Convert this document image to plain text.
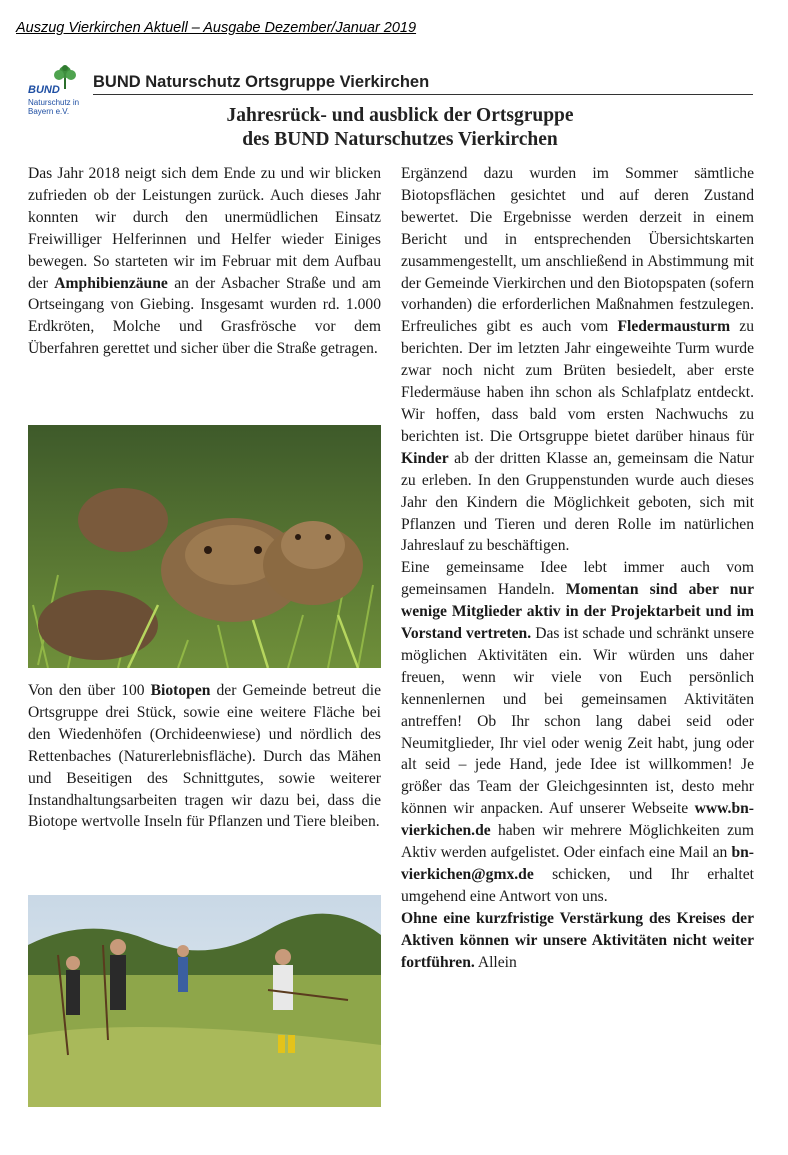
Auszug Vierkirchen Aktuell – Ausgabe Dezember/Januar 2019
BUND
Naturschutz in Bayern e.V.
BUND Naturschutz Ortsgruppe Vierkirchen
Jahresrück- und ausblick der Ortsgruppe
des BUND Naturschutzes Vierkirchen

Das Jahr 2018 neigt sich dem Ende zu und wir blicken zufrieden ob der Leistungen zurück. Auch dieses Jahr konnten wir durch den unermüdlichen Einsatz Freiwilliger Helferinnen und Helfer wieder Einiges bewegen. So starteten wir im Februar mit dem Aufbau der Amphibienzäune an der Asbacher Straße und am Ortseingang von Giebing. Insgesamt wurden rd. 1.000 Erdkröten, Molche und Grasfrösche vor dem Überfahren gerettet und sicher über die Straße getragen.

Von den über 100 Biotopen der Gemeinde betreut die Ortsgruppe drei Stück, sowie eine weitere Fläche bei den Wiedenhöfen (Orchideenwiese) und nördlich des Rettenbaches (Naturerlebnisfläche). Durch das Mähen und Beseitigen des Schnittgutes, sowie weiterer Instandhaltungsarbeiten tragen wir dazu bei, dass die Biotope wertvolle Inseln für Pflanzen und Tiere bleiben.

Ergänzend dazu wurden im Sommer sämtliche Biotopsflächen gesichtet und auf deren Zustand bewertet. Die Ergebnisse werden derzeit in einem Bericht und in entsprechenden Übersichtskarten zusammengestellt, um anschließend in Abstimmung mit der Gemeinde Vierkirchen und den Biotopspaten (sofern vorhanden) die erforderlichen Maßnahmen festzulegen. Erfreuliches gibt es auch vom Fledermausturm zu berichten. Der im letzten Jahr eingeweihte Turm wurde zwar noch nicht zum Brüten besiedelt, aber erste Fledermäuse haben ihn schon als Schlafplatz entdeckt. Wir hoffen, dass bald vom ersten Nachwuchs zu berichten ist. Die Ortsgruppe bietet darüber hinaus für Kinder ab der dritten Klasse an, gemeinsam die Natur zu erleben. In den Gruppenstunden wurde auch dieses Jahr den Kindern die Möglichkeit geboten, sich mit Pflanzen und Tieren und deren Rolle im natürlichen Jahreslauf zu beschäftigen.

Eine gemeinsame Idee lebt immer auch vom gemeinsamen Handeln. Momentan sind aber nur wenige Mitglieder aktiv in der Projektarbeit und im Vorstand vertreten. Das ist schade und schränkt unsere möglichen Aktivitäten ein. Wir würden uns daher freuen, wenn wir viele von Euch persönlich kennenlernen und bei gemeinsamen Aktivitäten antreffen! Ob Ihr schon lang dabei seid oder Neumitglieder, Ihr viel oder wenig Zeit habt, jung oder alt seid – jede Hand, jede Idee ist willkommen! Je größer das Team der Gleichgesinnten ist, desto mehr können wir anpacken. Auf unserer Webseite www.bn-vierkichen.de haben wir mehrere Möglichkeiten zum Aktiv werden aufgelistet. Oder einfach eine Mail an bn-vierkichen@gmx.de schicken, und Ihr erhaltet umgehend eine Antwort von uns.

Ohne eine kurzfristige Verstärkung des Kreises der Aktiven können wir unsere Aktivitäten nicht weiter fortführen. Allein
